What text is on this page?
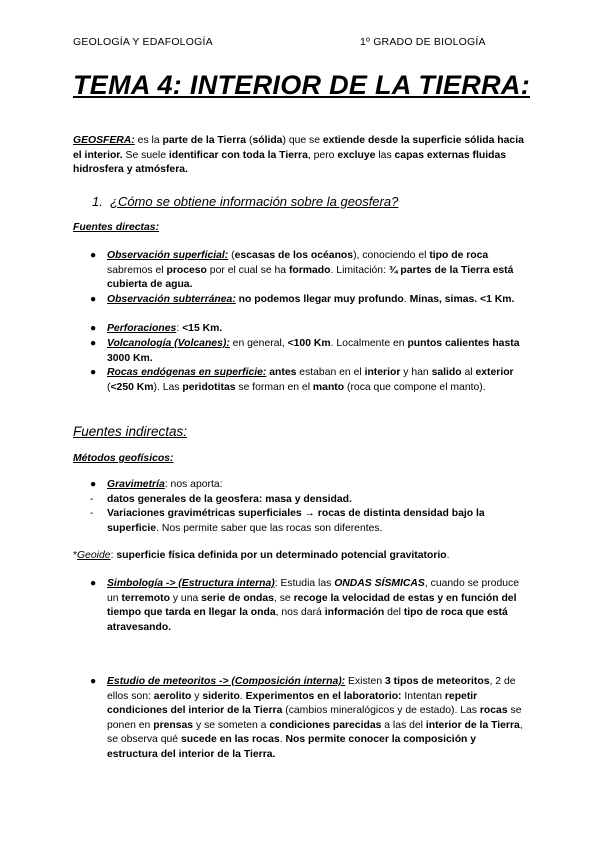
GEOLOGÍA Y EDAFOLOGÍA	1º GRADO DE BIOLOGÍA
TEMA 4: INTERIOR DE LA TIERRA:
GEOSFERA: es la parte de la Tierra (sólida) que se extiende desde la superficie sólida hacia el interior. Se suele identificar con toda la Tierra, pero excluye las capas externas fluidas hidrosfera y atmósfera.
1. ¿Cómo se obtiene información sobre la geosfera?
Fuentes directas:
● Observación superficial: (escasas de los océanos), conociendo el tipo de roca sabremos el proceso por el cual se ha formado. Limitación: ¾ partes de la Tierra está cubierta de agua.
● Observación subterránea: no podemos llegar muy profundo. Minas, simas. <1 Km.
● Perforaciones: <15 Km.
● Volcanología (Volcanes): en general, <100 Km. Localmente en puntos calientes hasta 3000 Km.
● Rocas endógenas en superficie: antes estaban en el interior y han salido al exterior (<250 Km). Las peridotitas se forman en el manto (roca que compone el manto).
Fuentes indirectas:
Métodos geofísicos:
● Gravimetría: nos aporta:
- datos generales de la geosfera: masa y densidad.
- Variaciones gravimétricas superficiales → rocas de distinta densidad bajo la superficie. Nos permite saber que las rocas son diferentes.
*Geoide: superficie física definida por un determinado potencial gravitatorio.
● Simbología -> (Estructura interna): Estudia las ONDAS SÍSMICAS, cuando se produce un terremoto y una serie de ondas, se recoge la velocidad de estas y en función del tiempo que tarda en llegar la onda, nos dará información del tipo de roca que está atravesando.
● Estudio de meteoritos -> (Composición interna): Existen 3 tipos de meteoritos, 2 de ellos son: aerolito y siderito. Experimentos en el laboratorio: Intentan repetir condiciones del interior de la Tierra (cambios mineralógicos y de estado). Las rocas se ponen en prensas y se someten a condiciones parecidas a las del interior de la Tierra, se observa qué sucede en las rocas. Nos permite conocer la composición y estructura del interior de la Tierra.
